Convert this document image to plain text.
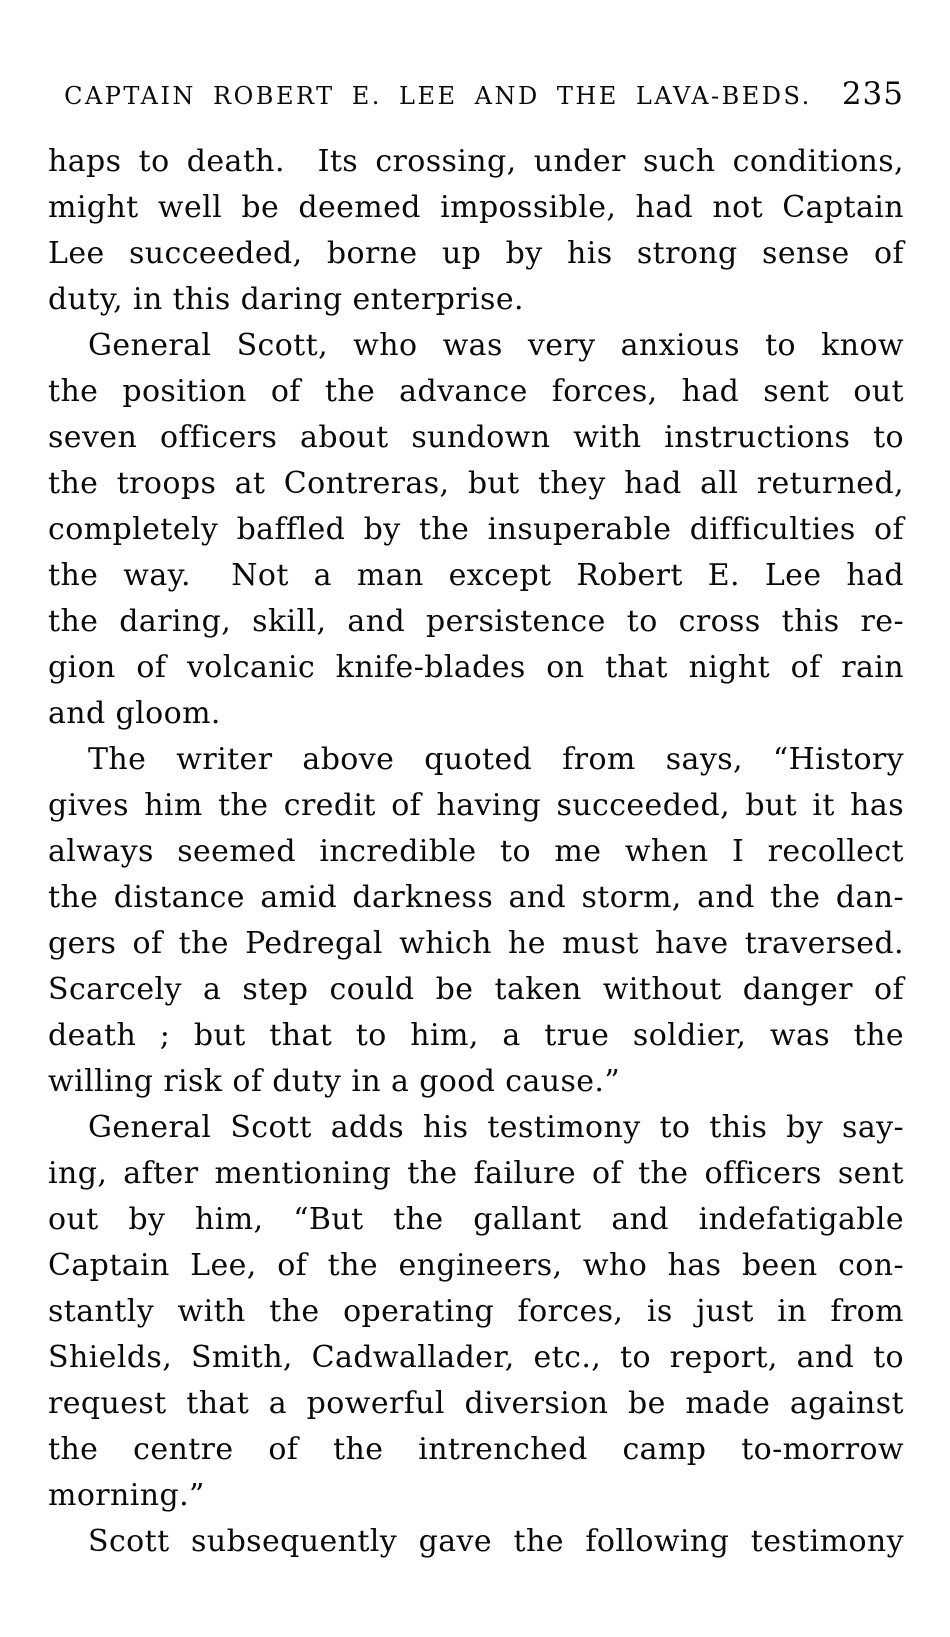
CAPTAIN ROBERT E. LEE AND THE LAVA-BEDS. 235
haps to death.  Its crossing, under such conditions,
might well be deemed impossible, had not Captain
Lee succeeded, borne up by his strong sense of
duty, in this daring enterprise.
General Scott, who was very anxious to know
the position of the advance forces, had sent out
seven officers about sundown with instructions to
the troops at Contreras, but they had all returned,
completely baffled by the insuperable difficulties of
the way.  Not a man except Robert E. Lee had
the daring, skill, and persistence to cross this re-
gion of volcanic knife-blades on that night of rain
and gloom.
The writer above quoted from says, “History
gives him the credit of having succeeded, but it has
always seemed incredible to me when I recollect
the distance amid darkness and storm, and the dan-
gers of the Pedregal which he must have traversed.
Scarcely a step could be taken without danger of
death ; but that to him, a true soldier, was the
willing risk of duty in a good cause.”
General Scott adds his testimony to this by say-
ing, after mentioning the failure of the officers sent
out by him, “But the gallant and indefatigable
Captain Lee, of the engineers, who has been con-
stantly with the operating forces, is just in from
Shields, Smith, Cadwallader, etc., to report, and to
request that a powerful diversion be made against
the centre of the intrenched camp to-morrow
morning.”
Scott subsequently gave the following testimony
